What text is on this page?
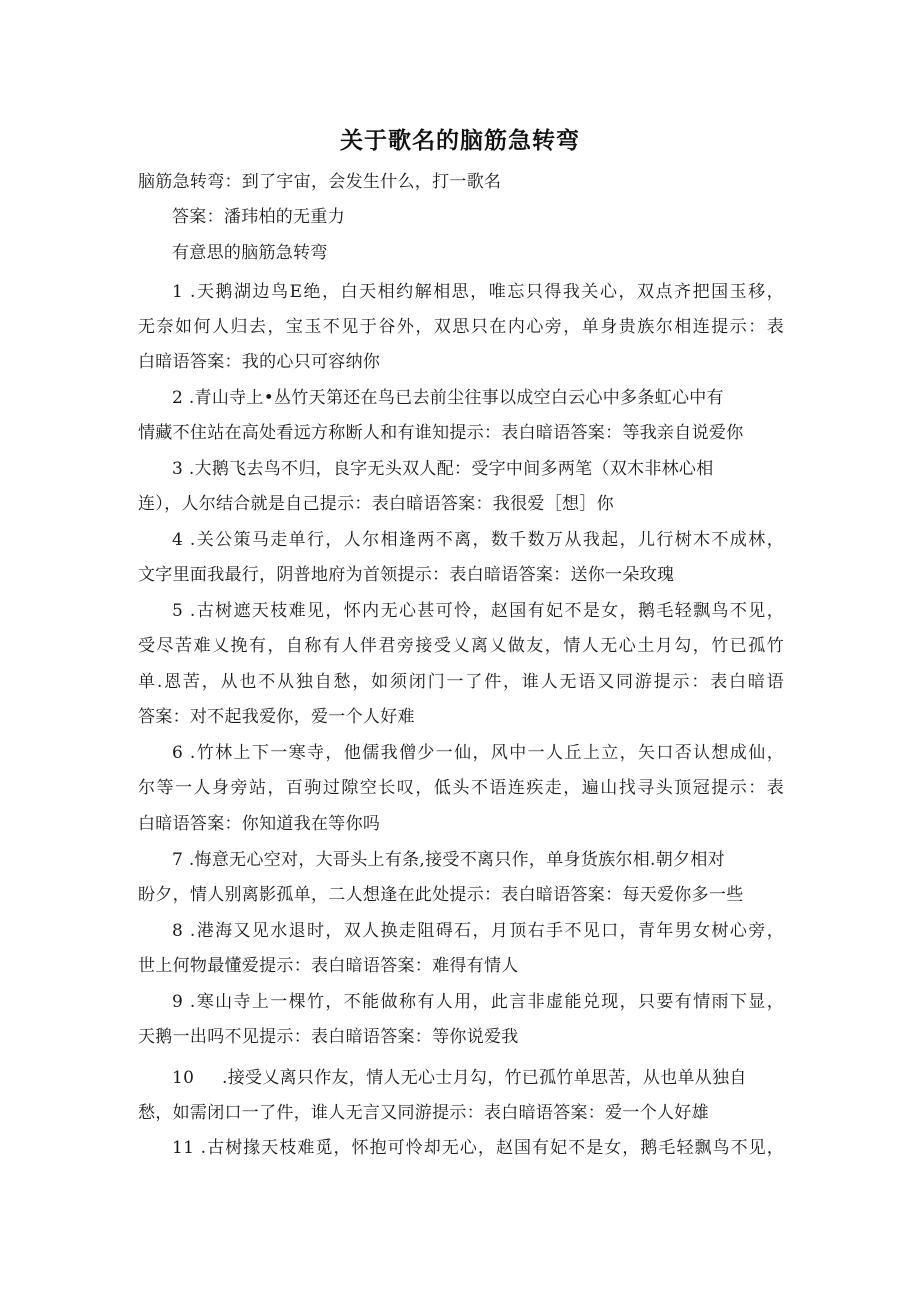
关于歌名的脑筋急转弯
脑筋急转弯：到了宇宙，会发生什么，打一歌名
答案：潘玮柏的无重力
有意思的脑筋急转弯
1 .天鹅湖边鸟E绝，白天相约解相思，唯忘只得我关心，双点齐把国玉移，
无奈如何人归去，宝玉不见于谷外，双思只在内心旁，单身贵族尔相连提示：表
白暗语答案：我的心只可容纳你
2 .青山寺上•丛竹天第还在鸟已去前尘往事以成空白云心中多条虹心中有
情藏不住站在高处看远方称断人和有谁知提示：表白暗语答案：等我亲自说爱你
3 .大鹅飞去鸟不归，良字无头双人配：受字中间多两笔（双木非林心相
连），人尔结合就是自己提示：表白暗语答案：我很爱［想］你
4 .关公策马走单行，人尔相逢两不离，数千数万从我起，儿行树木不成林，
文字里面我最行，阴普地府为首领提示：表白暗语答案：送你一朵玫瑰
5 .古树遮天枝难见，怀内无心甚可怜，赵国有妃不是女，鹅毛轻飘鸟不见，
受尽苦难乂挽有，自称有人伴君旁接受乂离乂做友，情人无心土月勾，竹已孤竹
单.恩苦，从也不从独自愁，如须闭门一了件，谁人无语又同游提示：表白暗语
答案：对不起我爱你，爱一个人好难
6 .竹林上下一寒寺，他儒我僧少一仙，风中一人丘上立，矢口否认想成仙，
尔等一人身旁站，百驹过隙空长叹，低头不语连疾走，遍山找寻头顶冠提示：表
白暗语答案：你知道我在等你吗
7 .悔意无心空对，大哥头上有条,接受不离只作，单身货族尔相.朝夕相对
盼夕，情人别离影孤单，二人想逢在此处提示：表白暗语答案：每天爱你多一些
8 .港海又见水退时，双人换走阻碍石，月顶右手不见口，青年男女树心旁，
世上何物最懂爱提示：表白暗语答案：难得有情人
9 .寒山寺上一棵竹，不能做称有人用，此言非虚能兑现，只要有情雨下显，
天鹅一出吗不见提示：表白暗语答案：等你说爱我
10 .接受乂离只作友，情人无心士月勾，竹已孤竹单思苦，从也单从独自
愁，如需闭口一了件，谁人无言又同游提示：表白暗语答案：爱一个人好雄
11 .古树掾天枝难觅，怀抱可怜却无心，赵国有妃不是女，鹅毛轻飘鸟不见，
